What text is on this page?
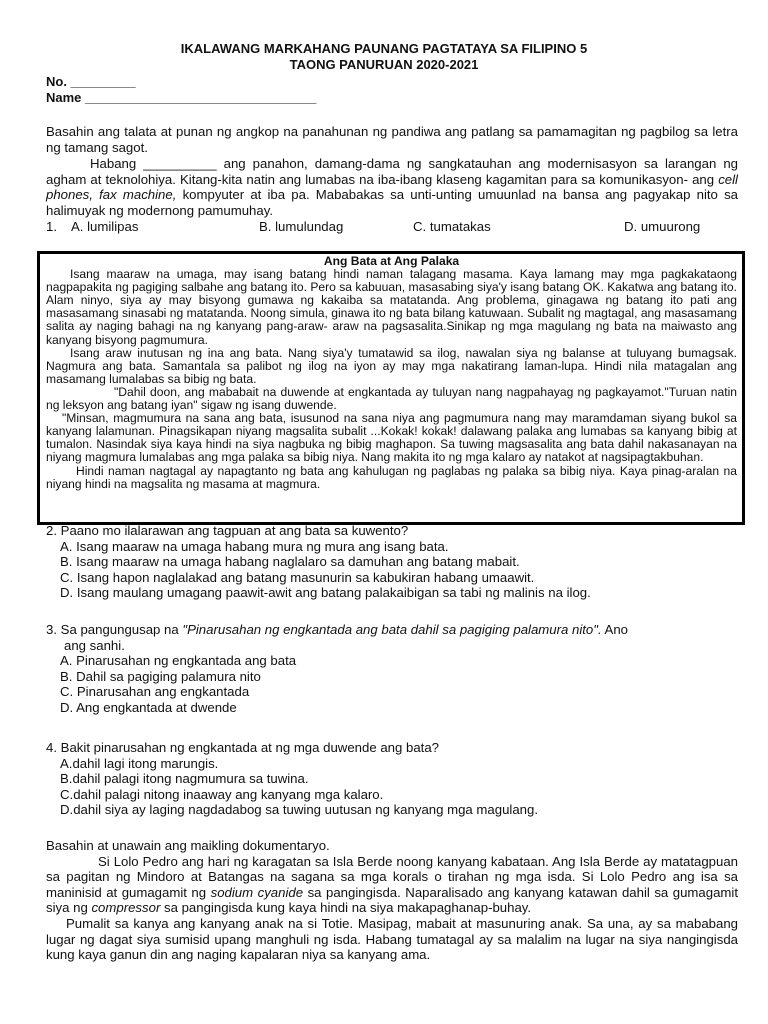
IKALAWANG MARKAHANG PAUNANG PAGTATAYA SA FILIPINO 5
TAONG PANURUAN 2020-2021
No. _________
Name ________________________________
Basahin ang talata at punan ng angkop na panahunan ng pandiwa ang patlang sa pamamagitan ng pagbilog sa letra ng tamang sagot.
Habang __________ ang panahon, damang-dama ng sangkatauhan ang modernisasyon sa larangan ng agham at teknolohiya. Kitang-kita natin ang lumabas na iba-ibang klaseng kagamitan para sa komunikasyon- ang cell phones, fax machine, kompyuter at iba pa. Mababakas sa unti-unting umuunlad na bansa ang pagyakap nito sa halimuyak ng modernong pamumuhay.
1. A. lumilipas	B. lumulundag	C. tumatakas	D. umuurong
Ang Bata at Ang Palaka

Isang maaraw na umaga, may isang batang hindi naman talagang masama. Kaya lamang may mga pagkakataong nagpapakita ng pagiging salbahe ang batang ito. Pero sa kabuuan, masasabing siya'y isang batang OK. Kakatwa ang batang ito. Alam ninyo, siya ay may bisyong gumawa ng kakaiba sa matatanda. Ang problema, ginagawa ng batang ito pati ang masasamang sinasabi ng matatanda. Noong simula, ginawa ito ng bata bilang katuwaan. Subalit ng magtagal, ang masasamang salita ay naging bahagi na ng kanyang pang-araw- araw na pagsasalita.Sinikap ng mga magulang ng bata na maiwasto ang kanyang bisyong pagmumura.

Isang araw inutusan ng ina ang bata. Nang siya'y tumatawid sa ilog, nawalan siya ng balanse at tuluyang bumagsak. Nagmura ang bata. Samantala sa palibot ng ilog na iyon ay may mga nakatirang laman-lupa. Hindi nila matagalan ang masamang lumalabas sa bibig ng bata.

"Dahil doon, ang mababait na duwende at engkantada ay tuluyan nang nagpahayag ng pagkayamot."Turuan natin ng leksyon ang batang iyan" sigaw ng isang duwende.

"Minsan, magmumura na sana ang bata, isusunod na sana niya ang pagmumura nang may maramdaman siyang bukol sa kanyang lalamunan. Pinagsikapan niyang magsalita subalit ...Kokak! kokak! dalawang palaka ang lumabas sa kanyang bibig at tumalon. Nasindak siya kaya hindi na siya nagbuka ng bibig maghapon. Sa tuwing magsasalita ang bata dahil nakasanayan na niyang magmura lumalabas ang mga palaka sa bibig niya. Nang makita ito ng mga kalaro ay natakot at nagsipagtakbuhan.

Hindi naman nagtagal ay napagtanto ng bata ang kahulugan ng paglabas ng palaka sa bibig niya. Kaya pinag-aralan na niyang hindi na magsalita ng masama at magmura.

2. Paano mo ilalarawan ang tagpuan at ang bata sa kuwento?
A. Isang maaraw na umaga habang mura ng mura ang isang bata.
B. Isang maaraw na umaga habang naglalaro sa damuhan ang batang mabait.
C. Isang hapon naglalakad ang batang masunurin sa kabukiran habang umaawit.
D. Isang maulang umagang paawit-awit ang batang palakaibigan sa tabi ng malinis na ilog.
3. Sa pangungusap na "Pinarusahan ng engkantada ang bata dahil sa pagiging palamura nito". Ano
ang sanhi.
A. Pinarusahan ng engkantada ang bata
B. Dahil sa pagiging palamura nito
C. Pinarusahan ang engkantada
D. Ang engkantada at dwende
4. Bakit pinarusahan ng engkantada at ng mga duwende ang bata?
A.dahil lagi itong marungis.
B.dahil palagi itong nagmumura sa tuwina.
C.dahil palagi nitong inaaway ang kanyang mga kalaro.
D.dahil siya ay laging nagdadabog sa tuwing uutusan ng kanyang mga magulang.

Basahin at unawain ang maikling dokumentaryo.

Si Lolo Pedro ang hari ng karagatan sa Isla Berde noong kanyang kabataan. Ang Isla Berde ay matatagpuan sa pagitan ng Mindoro at Batangas na sagana sa mga korals o tirahan ng mga isda. Si Lolo Pedro ang isa sa maninisid at gumagamit ng sodium cyanide sa pangingisda. Naparalisado ang kanyang katawan dahil sa gumagamit siya ng compressor sa pangingisda kung kaya hindi na siya makapaghanap-buhay.

Pumalit sa kanya ang kanyang anak na si Totie. Masipag, mabait at masunuring anak. Sa una, ay sa mababang lugar ng dagat siya sumisid upang manghuli ng isda. Habang tumatagal ay sa malalim na lugar na siya nangingisda kung kaya ganun din ang naging kapalaran niya sa kanyang ama.
